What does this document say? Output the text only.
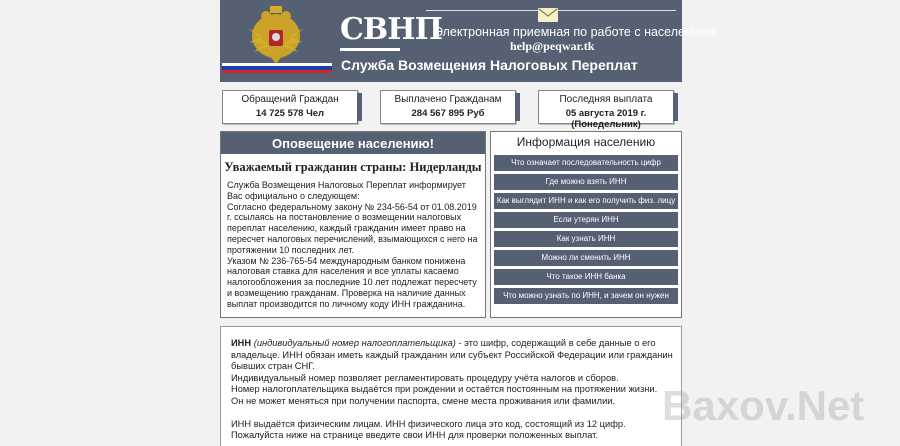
СВНП
Служба Возмещения Налоговых Переплат
Электронная приемная по работе с населением:
help@peqwar.tk
Обращений Граждан
14 725 578 Чел
Выплачено Гражданам
284 567 895 Руб
Последняя выплата
05 августа 2019 г. (Понедельник)
Оповещение населению!
Уважаемый гражданин страны: Нидерланды
Служба Возмещения Налоговых Переплат информирует Вас официально о следующем:
Согласно федеральному закону № 234-56-54 от 01.08.2019 г. ссылаясь на постановление о возмещении налоговых переплат населению, каждый гражданин имеет право на пересчет налоговых перечислений, взымающихся с него на протяжении 10 последних лет.
Указом № 236-765-54 международным банком понижена налоговая ставка для населения и все уплаты касаемо налогообложения за последние 10 лет подлежат пересчету и возмещению гражданам. Проверка на наличие данных выплат производится по личному коду ИНН гражданина.
Информация населению
Что означает последовательность цифр
Где можно взять ИНН
Как выглядит ИНН и как его получить физ. лицу
Если утерян ИНН
Как узнать ИНН
Можно ли сменить ИНН
Что такое ИНН банка
Что можно узнать по ИНН, и зачем он нужен

ИНН (индивидуальный номер налогоплательщика) - это шифр, содержащий в себе данные о его владельце. ИНН обязан иметь каждый гражданин или субъект Российской Федерации или гражданин бывших стран СНГ.

Индивидуальный номер позволяет регламентировать процедуру учёта налогов и сборов.

Номер налогоплательщика выдаётся при рождении и остаётся постоянным на протяжении жизни.

Он не может меняться при получении паспорта, смене места проживания или фамилии.

ИНН выдаётся физическим лицам. ИНН физического лица это код, состоящий из 12 цифр.

Пожалуйста ниже на странице введите свои ИНН для проверки положенных выплат.

Baxov.Net
